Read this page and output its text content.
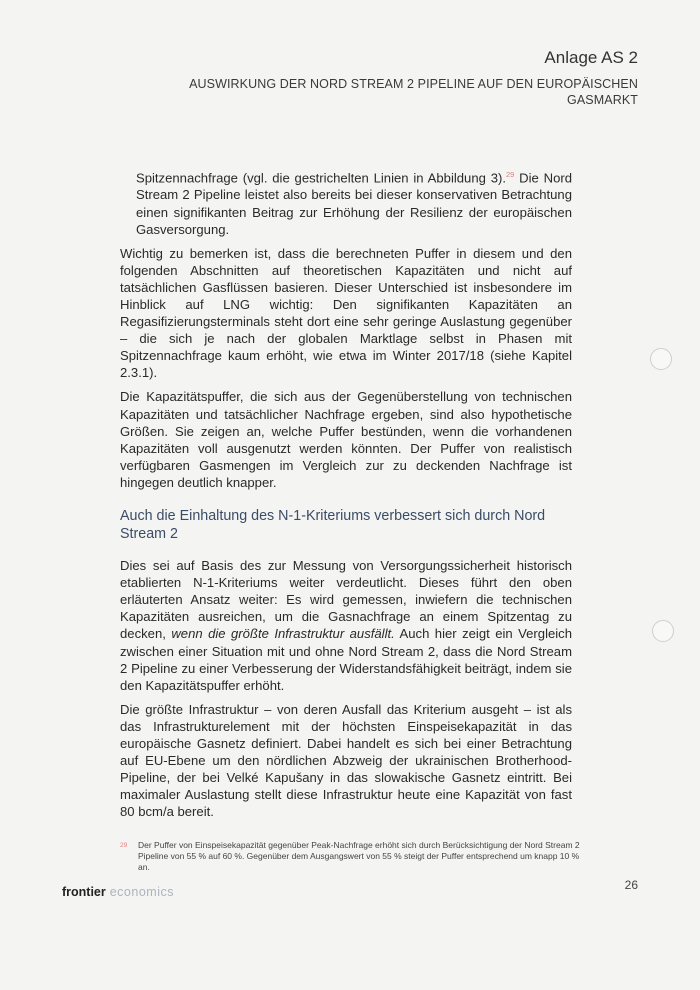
Anlage AS 2
AUSWIRKUNG DER NORD STREAM 2 PIPELINE AUF DEN EUROPÄISCHEN
GASMARKT

Spitzennachfrage (vgl. die gestrichelten Linien in Abbildung 3).$^{29}$ Die Nord Stream 2 Pipeline leistet also bereits bei dieser konservativen Betrachtung einen signifikanten Beitrag zur Erhöhung der Resilienz der europäischen Gasversorgung.

Wichtig zu bemerken ist, dass die berechneten Puffer in diesem und den folgenden Abschnitten auf theoretischen Kapazitäten und nicht auf tatsächlichen Gasflüssen basieren. Dieser Unterschied ist insbesondere im Hinblick auf LNG wichtig: Den signifikanten Kapazitäten an Regasifizierungsterminals steht dort eine sehr geringe Auslastung gegenüber – die sich je nach der globalen Marktlage selbst in Phasen mit Spitzennachfrage kaum erhöht, wie etwa im Winter 2017/18 (siehe Kapitel 2.3.1).

Die Kapazitätspuffer, die sich aus der Gegenüberstellung von technischen Kapazitäten und tatsächlicher Nachfrage ergeben, sind also hypothetische Größen. Sie zeigen an, welche Puffer bestünden, wenn die vorhandenen Kapazitäten voll ausgenutzt werden könnten. Der Puffer von realistisch verfügbaren Gasmengen im Vergleich zur zu deckenden Nachfrage ist hingegen deutlich knapper.

Auch die Einhaltung des N-1-Kriteriums verbessert sich durch Nord Stream 2

Dies sei auf Basis des zur Messung von Versorgungssicherheit historisch etablierten N-1-Kriteriums weiter verdeutlicht. Dieses führt den oben erläuterten Ansatz weiter: Es wird gemessen, inwiefern die technischen Kapazitäten ausreichen, um die Gasnachfrage an einem Spitzentag zu decken, wenn die größte Infrastruktur ausfällt. Auch hier zeigt ein Vergleich zwischen einer Situation mit und ohne Nord Stream 2, dass die Nord Stream 2 Pipeline zu einer Verbesserung der Widerstandsfähigkeit beiträgt, indem sie den Kapazitätspuffer erhöht.

Die größte Infrastruktur – von deren Ausfall das Kriterium ausgeht – ist als das Infrastrukturelement mit der höchsten Einspeisekapazität in das europäische Gasnetz definiert. Dabei handelt es sich bei einer Betrachtung auf EU-Ebene um den nördlichen Abzweig der ukrainischen Brotherhood-Pipeline, der bei Velké Kapušany in das slowakische Gasnetz eintritt. Bei maximaler Auslastung stellt diese Infrastruktur heute eine Kapazität von fast 80 bcm/a bereit.

29 Der Puffer von Einspeisekapazität gegenüber Peak-Nachfrage erhöht sich durch Berücksichtigung der Nord Stream 2 Pipeline von 55 % auf 60 %. Gegenüber dem Ausgangswert von 55 % steigt der Puffer entsprechend um knapp 10 % an.
frontier economics	26
